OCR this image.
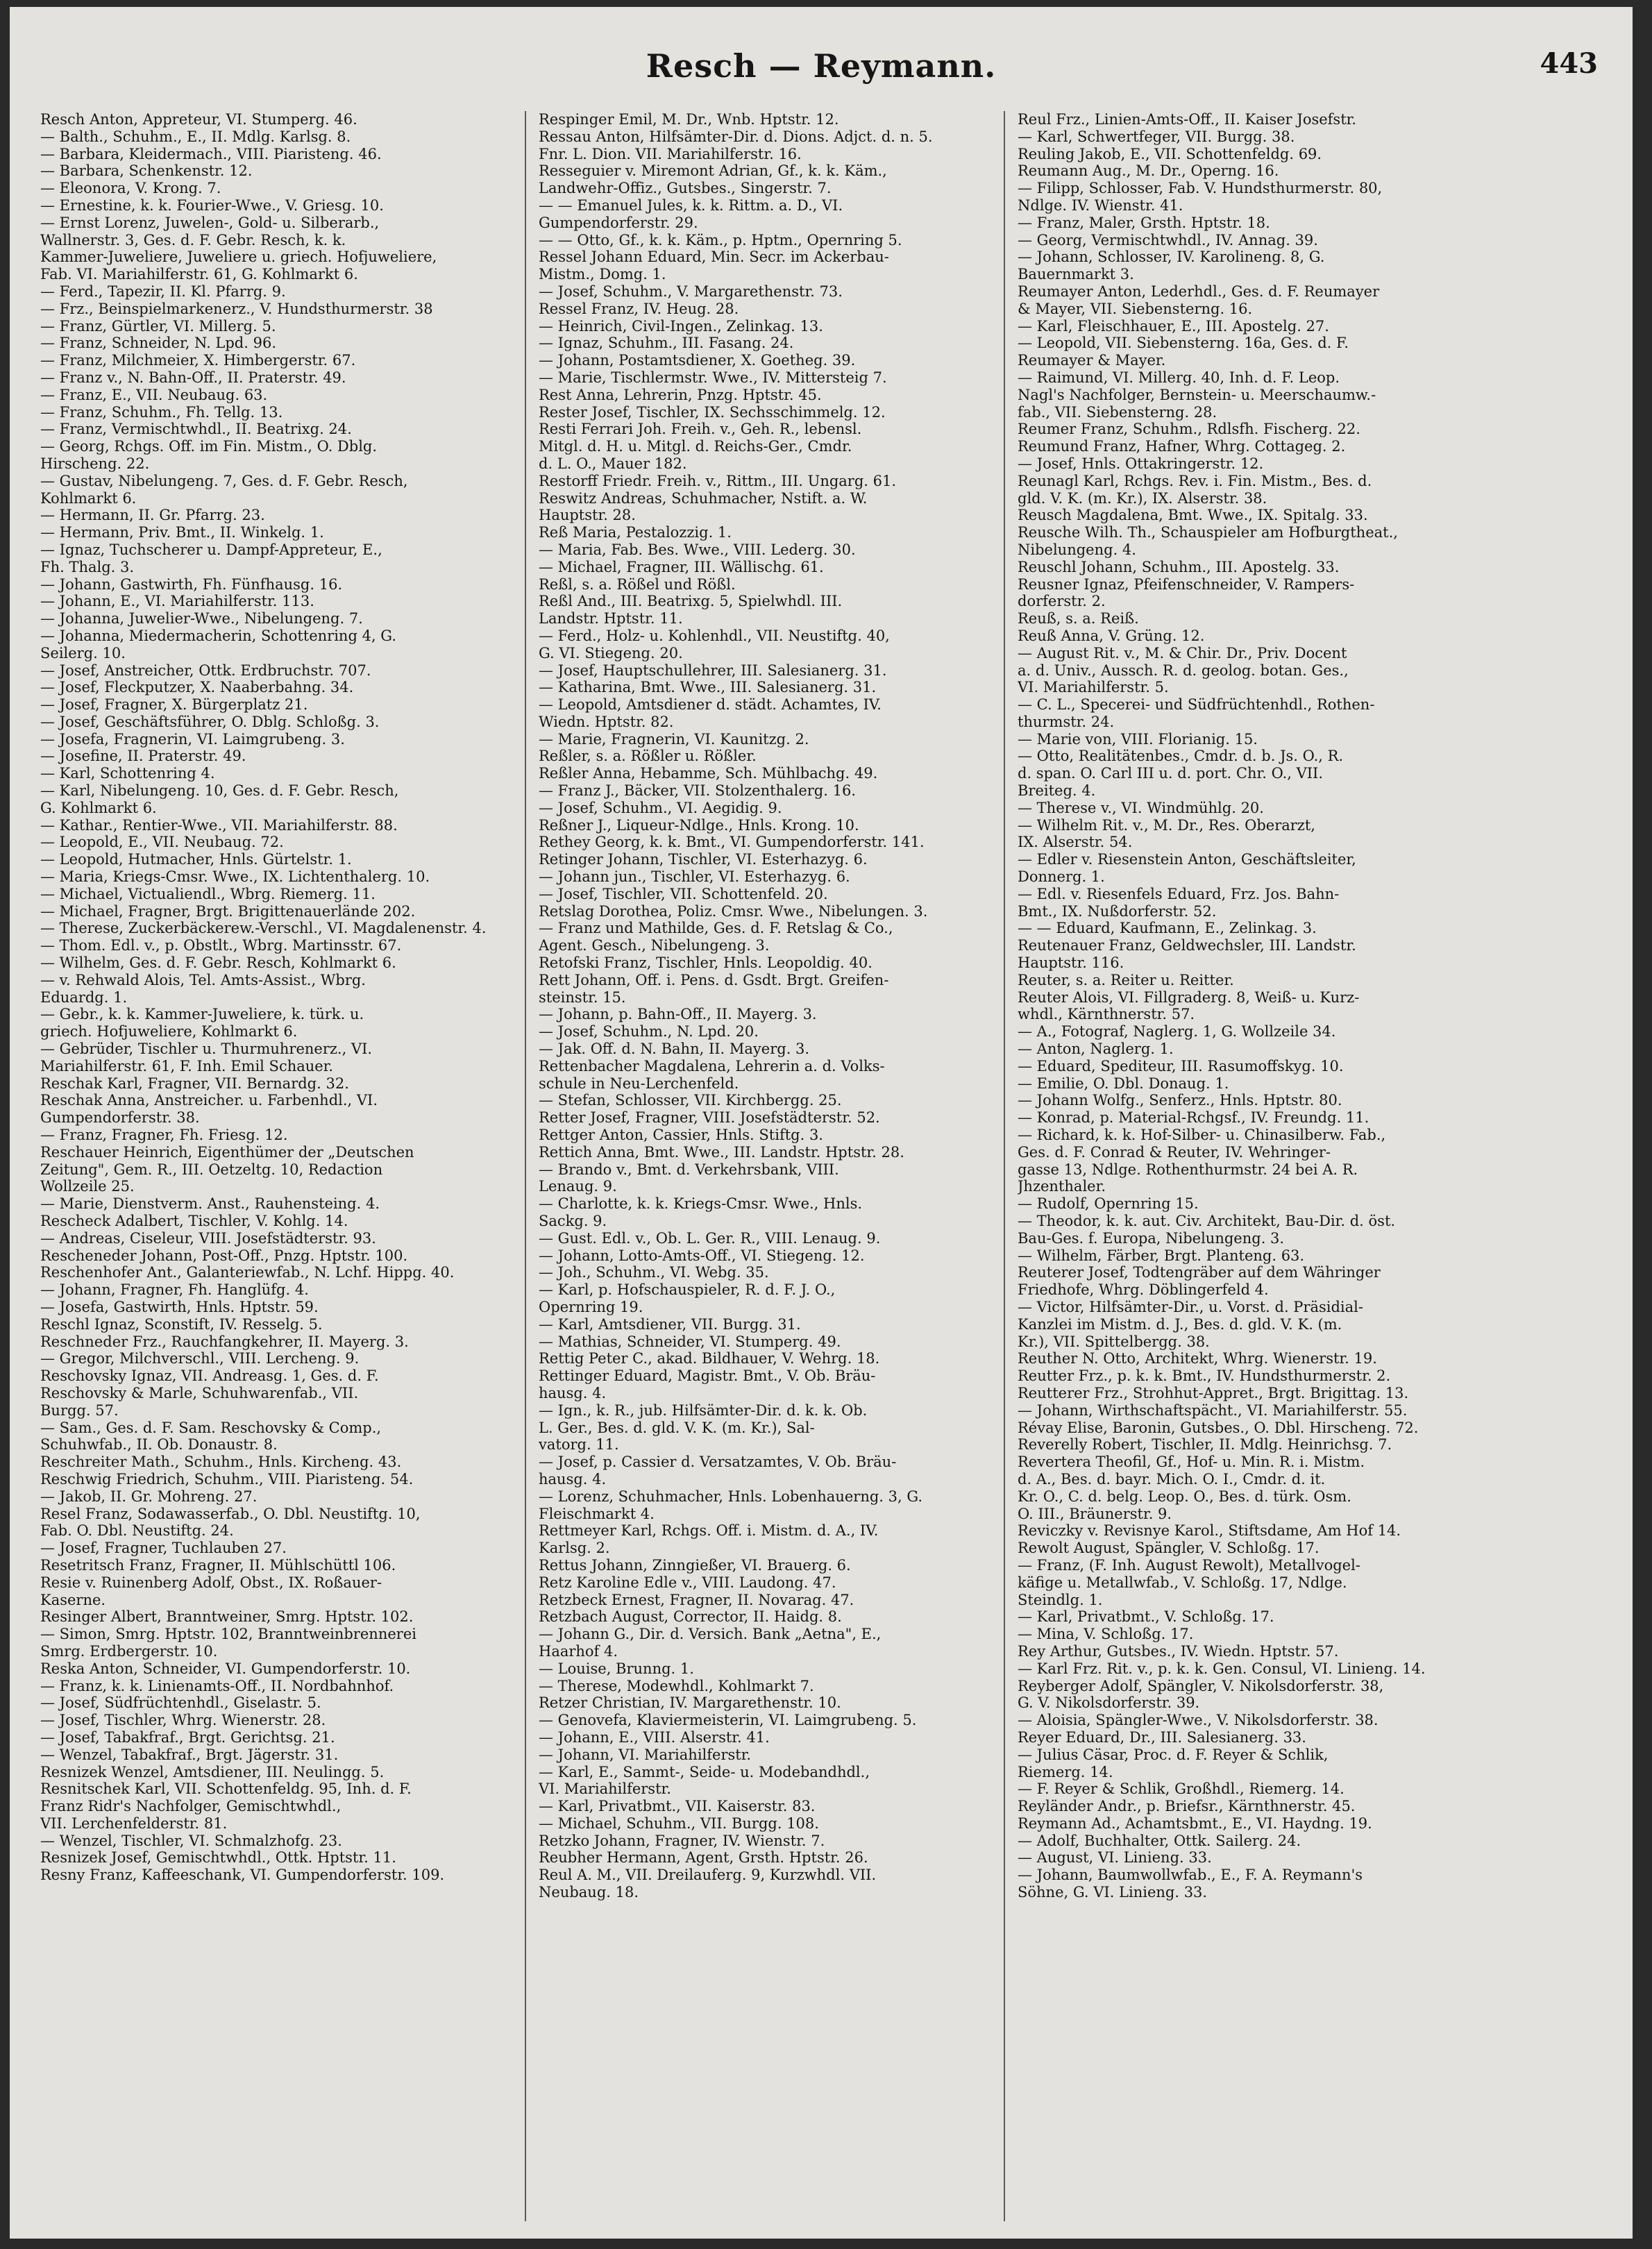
Resch — Reymann.	443
Resch Anton, Appreteur, VI. Stumperg. 46.
— Balth., Schuhm., E., II. Mdlg. Karlsg. 8.
— Barbara, Kleidermach., VIII. Piaristeng. 46.
— Barbara, Schenkenstr. 12.
— Eleonora, V. Krong. 7.
— Ernestine, k. k. Fourier-Wwe., V. Griesg. 10.
— Ernst Lorenz, Juwelen-, Gold- u. Silberarb.,
Wallnerstr. 3, Ges. d. F. Gebr. Resch, k. k.
Kammer-Juweliere, Juweliere u. griech. Hofjuweliere,
Fab. VI. Mariahilferstr. 61, G. Kohlmarkt 6.
— Ferd., Tapezir, II. Kl. Pfarrg. 9.
— Frz., Beinspielmarkenerz., V. Hundsthurmerstr. 38
— Franz, Gürtler, VI. Millerg. 5.
— Franz, Schneider, N. Lpd. 96.
— Franz, Milchmeier, X. Himbergerstr. 67.
— Franz v., N. Bahn-Off., II. Praterstr. 49.
— Franz, E., VII. Neubaug. 63.
— Franz, Schuhm., Fh. Tellg. 13.
— Franz, Vermischtwhdl., II. Beatrixg. 24.
— Georg, Rchgs. Off. im Fin. Mistm., O. Dblg.
Hirscheng. 22.
— Gustav, Nibelungeng. 7, Ges. d. F. Gebr. Resch,
Kohlmarkt 6.
— Hermann, II. Gr. Pfarrg. 23.
— Hermann, Priv. Bmt., II. Winkelg. 1.
— Ignaz, Tuchscherer u. Dampf-Appreteur, E.,
Fh. Thalg. 3.
— Johann, Gastwirth, Fh. Fünfhausg. 16.
— Johann, E., VI. Mariahilferstr. 113.
— Johanna, Juwelier-Wwe., Nibelungeng. 7.
— Johanna, Miedermacherin, Schottenring 4, G.
Seilerg. 10.
— Josef, Anstreicher, Ottk. Erdbruchstr. 707.
— Josef, Fleckputzer, X. Naaberbahng. 34.
— Josef, Fragner, X. Bürgerplatz 21.
— Josef, Geschäftsführer, O. Dblg. Schloßg. 3.
— Josefa, Fragnerin, VI. Laimgrubeng. 3.
— Josefine, II. Praterstr. 49.
— Karl, Schottenring 4.
— Karl, Nibelungeng. 10, Ges. d. F. Gebr. Resch,
G. Kohlmarkt 6.
— Kathar., Rentier-Wwe., VII. Mariahilferstr. 88.
— Leopold, E., VII. Neubaug. 72.
— Leopold, Hutmacher, Hnls. Gürtelstr. 1.
— Maria, Kriegs-Cmsr. Wwe., IX. Lichtenthalerg. 10.
— Michael, Victualiendl., Wbrg. Riemerg. 11.
— Michael, Fragner, Brgt. Brigittenauerlände 202.
— Therese, Zuckerbäckerew.-Verschl., VI. Magdalenenstr. 4.
— Thom. Edl. v., p. Obstlt., Wbrg. Martinsstr. 67.
— Wilhelm, Ges. d. F. Gebr. Resch, Kohlmarkt 6.
— v. Rehwald Alois, Tel. Amts-Assist., Wbrg.
Eduardg. 1.
— Gebr., k. k. Kammer-Juweliere, k. türk. u.
griech. Hofjuweliere, Kohlmarkt 6.
— Gebrüder, Tischler u. Thurmuhrenerz., VI.
Mariahilferstr. 61, F. Inh. Emil Schauer.
Reschak Karl, Fragner, VII. Bernardg. 32.
Reschak Anna, Anstreicher. u. Farbenhdl., VI.
Gumpendorferstr. 38.
— Franz, Fragner, Fh. Friesg. 12.
Reschauer Heinrich, Eigenthümer der „Deutschen
Zeitung", Gem. R., III. Oetzeltg. 10, Redaction
Wollzeile 25.
— Marie, Dienstverm. Anst., Rauhensteing. 4.
Rescheck Adalbert, Tischler, V. Kohlg. 14.
— Andreas, Ciseleur, VIII. Josefstädterstr. 93.
Rescheneder Johann, Post-Off., Pnzg. Hptstr. 100.
Reschenhofer Ant., Galanteriewfab., N. Lchf. Hippg. 40.
— Johann, Fragner, Fh. Hanglüfg. 4.
— Josefa, Gastwirth, Hnls. Hptstr. 59.
Reschl Ignaz, Sconstift, IV. Resselg. 5.
Reschneder Frz., Rauchfangkehrer, II. Mayerg. 3.
— Gregor, Milchverschl., VIII. Lercheng. 9.
Reschovsky Ignaz, VII. Andreasg. 1, Ges. d. F.
Reschovsky & Marle, Schuhwarenfab., VII.
Burgg. 57.
— Sam., Ges. d. F. Sam. Reschovsky & Comp.,
Schuhwfab., II. Ob. Donaustr. 8.
Reschreiter Math., Schuhm., Hnls. Kircheng. 43.
Reschwig Friedrich, Schuhm., VIII. Piaristeng. 54.
— Jakob, II. Gr. Mohreng. 27.
Resel Franz, Sodawasserfab., O. Dbl. Neustiftg. 10,
Fab. O. Dbl. Neustiftg. 24.
— Josef, Fragner, Tuchlauben 27.
Resetritsch Franz, Fragner, II. Mühlschüttl 106.
Resie v. Ruinenberg Adolf, Obst., IX. Roßauer-
Kaserne.
Resinger Albert, Branntweiner, Smrg. Hptstr. 102.
— Simon, Smrg. Hptstr. 102, Branntweinbrennerei
Smrg. Erdbergerstr. 10.
Reska Anton, Schneider, VI. Gumpendorferstr. 10.
— Franz, k. k. Linienamts-Off., II. Nordbahnhof.
— Josef, Südfrüchtenhdl., Giselastr. 5.
— Josef, Tischler, Whrg. Wienerstr. 28.
— Josef, Tabakfraf., Brgt. Gerichtsg. 21.
— Wenzel, Tabakfraf., Brgt. Jägerstr. 31.
Resnizek Wenzel, Amtsdiener, III. Neulingg. 5.
Resnitschek Karl, VII. Schottenfeldg. 95, Inh. d. F.
Franz Ridr's Nachfolger, Gemischtwhdl.,
VII. Lerchenfelderstr. 81.
— Wenzel, Tischler, VI. Schmalzhofg. 23.
Resnizek Josef, Gemischtwhdl., Ottk. Hptstr. 11.
Resny Franz, Kaffeeschank, VI. Gumpendorferstr. 109.
Respinger Emil, M. Dr., Wnb. Hptstr. 12.
Ressau Anton, Hilfsämter-Dir. d. Dions. Adjct. d. n. 5.
Fnr. L. Dion. VII. Mariahilferstr. 16.
Resseguier v. Miremont Adrian, Gf., k. k. Käm.,
Landwehr-Offiz., Gutsbes., Singerstr. 7.
— — Emanuel Jules, k. k. Rittm. a. D., VI.
Gumpendorferstr. 29.
— — Otto, Gf., k. k. Käm., p. Hptm., Opernring 5.
Ressel Johann Eduard, Min. Secr. im Ackerbau-
Mistm., Domg. 1.
— Josef, Schuhm., V. Margarethenstr. 73.
Ressel Franz, IV. Heug. 28.
— Heinrich, Civil-Ingen., Zelinkag. 13.
— Ignaz, Schuhm., III. Fasang. 24.
— Johann, Postamtsdiener, X. Goetheg. 39.
— Marie, Tischlermstr. Wwe., IV. Mittersteig 7.
Rest Anna, Lehrerin, Pnzg. Hptstr. 45.
Rester Josef, Tischler, IX. Sechsschimmelg. 12.
Resti Ferrari Joh. Freih. v., Geh. R., lebensl.
Mitgl. d. H. u. Mitgl. d. Reichs-Ger., Cmdr.
d. L. O., Mauer 182.
Restorff Friedr. Freih. v., Rittm., III. Ungarg. 61.
Reswitz Andreas, Schuhmacher, Nstift. a. W.
Hauptstr. 28.
Reß Maria, Pestalozzig. 1.
— Maria, Fab. Bes. Wwe., VIII. Lederg. 30.
— Michael, Fragner, III. Wällischg. 61.
Reßl, s. a. Rößel und Rößl.
Reßl And., III. Beatrixg. 5, Spielwhdl. III.
Landstr. Hptstr. 11.
— Ferd., Holz- u. Kohlenhdl., VII. Neustiftg. 40,
G. VI. Stiegeng. 20.
— Josef, Hauptschullehrer, III. Salesianerg. 31.
— Katharina, Bmt. Wwe., III. Salesianerg. 31.
— Leopold, Amtsdiener d. städt. Achamtes, IV.
Wiedn. Hptstr. 82.
— Marie, Fragnerin, VI. Kaunitzg. 2.
Reßler, s. a. Rößler u. Rößler.
Reßler Anna, Hebamme, Sch. Mühlbachg. 49.
— Franz J., Bäcker, VII. Stolzenthalerg. 16.
— Josef, Schuhm., VI. Aegidig. 9.
Reßner J., Liqueur-Ndlge., Hnls. Krong. 10.
Rethey Georg, k. k. Bmt., VI. Gumpendorferstr. 141.
Retinger Johann, Tischler, VI. Esterhazyg. 6.
— Johann jun., Tischler, VI. Esterhazyg. 6.
— Josef, Tischler, VII. Schottenfeld. 20.
Retslag Dorothea, Poliz. Cmsr. Wwe., Nibelungen. 3.
— Franz und Mathilde, Ges. d. F. Retslag & Co.,
Agent. Gesch., Nibelungeng. 3.
Retofski Franz, Tischler, Hnls. Leopoldig. 40.
Rett Johann, Off. i. Pens. d. Gsdt. Brgt. Greifen-
steinstr. 15.
— Johann, p. Bahn-Off., II. Mayerg. 3.
— Josef, Schuhm., N. Lpd. 20.
— Jak. Off. d. N. Bahn, II. Mayerg. 3.
Rettenbacher Magdalena, Lehrerin a. d. Volks-
schule in Neu-Lerchenfeld.
— Stefan, Schlosser, VII. Kirchbergg. 25.
Retter Josef, Fragner, VIII. Josefstädterstr. 52.
Rettger Anton, Cassier, Hnls. Stiftg. 3.
Rettich Anna, Bmt. Wwe., III. Landstr. Hptstr. 28.
— Brando v., Bmt. d. Verkehrsbank, VIII.
Lenaug. 9.
— Charlotte, k. k. Kriegs-Cmsr. Wwe., Hnls.
Sackg. 9.
— Gust. Edl. v., Ob. L. Ger. R., VIII. Lenaug. 9.
— Johann, Lotto-Amts-Off., VI. Stiegeng. 12.
— Joh., Schuhm., VI. Webg. 35.
— Karl, p. Hofschauspieler, R. d. F. J. O.,
Opernring 19.
— Karl, Amtsdiener, VII. Burgg. 31.
— Mathias, Schneider, VI. Stumperg. 49.
Rettig Peter C., akad. Bildhauer, V. Wehrg. 18.
Rettinger Eduard, Magistr. Bmt., V. Ob. Bräu-
hausg. 4.
— Ign., k. R., jub. Hilfsämter-Dir. d. k. k. Ob.
L. Ger., Bes. d. gld. V. K. (m. Kr.), Sal-
vatorg. 11.
— Josef, p. Cassier d. Versatzamtes, V. Ob. Bräu-
hausg. 4.
— Lorenz, Schuhmacher, Hnls. Lobenhauerng. 3, G.
Fleischmarkt 4.
Rettmeyer Karl, Rchgs. Off. i. Mistm. d. A., IV.
Karlsg. 2.
Rettus Johann, Zinngießer, VI. Brauerg. 6.
Retz Karoline Edle v., VIII. Laudong. 47.
Retzbeck Ernest, Fragner, II. Novarag. 47.
Retzbach August, Corrector, II. Haidg. 8.
— Johann G., Dir. d. Versich. Bank „Aetna", E.,
Haarhof 4.
— Louise, Brunng. 1.
— Therese, Modewhdl., Kohlmarkt 7.
Retzer Christian, IV. Margarethenstr. 10.
— Genovefa, Klaviermeisterin, VI. Laimgrubeng. 5.
— Johann, E., VIII. Alserstr. 41.
— Johann, VI. Mariahilferstr.
— Karl, E., Sammt-, Seide- u. Modebandhdl.,
VI. Mariahilferstr.
— Karl, Privatbmt., VII. Kaiserstr. 83.
— Michael, Schuhm., VII. Burgg. 108.
Retzko Johann, Fragner, IV. Wienstr. 7.
Reubher Hermann, Agent, Grsth. Hptstr. 26.
Reul A. M., VII. Dreilauferg. 9, Kurzwhdl. VII.
Neubaug. 18.
Reul Frz., Linien-Amts-Off., II. Kaiser Josefstr.
— Karl, Schwertfeger, VII. Burgg. 38.
Reuling Jakob, E., VII. Schottenfeldg. 69.
Reumann Aug., M. Dr., Operng. 16.
— Filipp, Schlosser, Fab. V. Hundsthurmerstr. 80,
Ndlge. IV. Wienstr. 41.
— Franz, Maler, Grsth. Hptstr. 18.
— Georg, Vermischtwhdl., IV. Annag. 39.
— Johann, Schlosser, IV. Karolineng. 8, G.
Bauernmarkt 3.
Reumayer Anton, Lederhdl., Ges. d. F. Reumayer
& Mayer, VII. Siebensterng. 16.
— Karl, Fleischhauer, E., III. Apostelg. 27.
— Leopold, VII. Siebensterng. 16a, Ges. d. F.
Reumayer & Mayer.
— Raimund, VI. Millerg. 40, Inh. d. F. Leop.
Nagl's Nachfolger, Bernstein- u. Meerschaumw.-
fab., VII. Siebensterng. 28.
Reumer Franz, Schuhm., Rdlsfh. Fischerg. 22.
Reumund Franz, Hafner, Whrg. Cottageg. 2.
— Josef, Hnls. Ottakringerstr. 12.
Reunagl Karl, Rchgs. Rev. i. Fin. Mistm., Bes. d.
gld. V. K. (m. Kr.), IX. Alserstr. 38.
Reusch Magdalena, Bmt. Wwe., IX. Spitalg. 33.
Reusche Wilh. Th., Schauspieler am Hofburgtheat.,
Nibelungeng. 4.
Reuschl Johann, Schuhm., III. Apostelg. 33.
Reusner Ignaz, Pfeifenschneider, V. Rampers-
dorferstr. 2.
Reuß, s. a. Reiß.
Reuß Anna, V. Grüng. 12.
— August Rit. v., M. & Chir. Dr., Priv. Docent
a. d. Univ., Aussch. R. d. geolog. botan. Ges.,
VI. Mariahilferstr. 5.
— C. L., Specerei- und Südfrüchtenhdl., Rothen-
thurmstr. 24.
— Marie von, VIII. Florianig. 15.
— Otto, Realitätenbes., Cmdr. d. b. Js. O., R.
d. span. O. Carl III u. d. port. Chr. O., VII.
Breiteg. 4.
— Therese v., VI. Windmühlg. 20.
— Wilhelm Rit. v., M. Dr., Res. Oberarzt,
IX. Alserstr. 54.
— Edler v. Riesenstein Anton, Geschäftsleiter,
Donnerg. 1.
— Edl. v. Riesenfels Eduard, Frz. Jos. Bahn-
Bmt., IX. Nußdorferstr. 52.
— — Eduard, Kaufmann, E., Zelinkag. 3.
Reutenauer Franz, Geldwechsler, III. Landstr.
Hauptstr. 116.
Reuter, s. a. Reiter u. Reitter.
Reuter Alois, VI. Fillgraderg. 8, Weiß- u. Kurz-
whdl., Kärnthnerstr. 57.
— A., Fotograf, Naglerg. 1, G. Wollzeile 34.
— Anton, Naglerg. 1.
— Eduard, Spediteur, III. Rasumoffskyg. 10.
— Emilie, O. Dbl. Donaug. 1.
— Johann Wolfg., Senferz., Hnls. Hptstr. 80.
— Konrad, p. Material-Rchgsf., IV. Freundg. 11.
— Richard, k. k. Hof-Silber- u. Chinasilberw. Fab.,
Ges. d. F. Conrad & Reuter, IV. Wehringer-
gasse 13, Ndlge. Rothenthurmstr. 24 bei A. R.
Jhzenthaler.
— Rudolf, Opernring 15.
— Theodor, k. k. aut. Civ. Architekt, Bau-Dir. d. öst.
Bau-Ges. f. Europa, Nibelungeng. 3.
— Wilhelm, Färber, Brgt. Planteng. 63.
Reuterer Josef, Todtengräber auf dem Währinger
Friedhofe, Whrg. Döblingerfeld 4.
— Victor, Hilfsämter-Dir., u. Vorst. d. Präsidial-
Kanzlei im Mistm. d. J., Bes. d. gld. V. K. (m.
Kr.), VII. Spittelbergg. 38.
Reuther N. Otto, Architekt, Whrg. Wienerstr. 19.
Reutter Frz., p. k. k. Bmt., IV. Hundsthurmerstr. 2.
Reutterer Frz., Strohhut-Appret., Brgt. Brigittag. 13.
— Johann, Wirthschaftspächt., VI. Mariahilferstr. 55.
Révay Elise, Baronin, Gutsbes., O. Dbl. Hirscheng. 72.
Reverelly Robert, Tischler, II. Mdlg. Heinrichsg. 7.
Revertera Theofil, Gf., Hof- u. Min. R. i. Mistm.
d. A., Bes. d. bayr. Mich. O. I., Cmdr. d. it.
Kr. O., C. d. belg. Leop. O., Bes. d. türk. Osm.
O. III., Bräunerstr. 9.
Reviczky v. Revisnye Karol., Stiftsdame, Am Hof 14.
Rewolt August, Spängler, V. Schloßg. 17.
— Franz, (F. Inh. August Rewolt), Metallvogel-
käfige u. Metallwfab., V. Schloßg. 17, Ndlge.
Steindlg. 1.
— Karl, Privatbmt., V. Schloßg. 17.
— Mina, V. Schloßg. 17.
Rey Arthur, Gutsbes., IV. Wiedn. Hptstr. 57.
— Karl Frz. Rit. v., p. k. k. Gen. Consul, VI. Linieng. 14.
Reyberger Adolf, Spängler, V. Nikolsdorferstr. 38,
G. V. Nikolsdorferstr. 39.
— Aloisia, Spängler-Wwe., V. Nikolsdorferstr. 38.
Reyer Eduard, Dr., III. Salesianerg. 33.
— Julius Cäsar, Proc. d. F. Reyer & Schlik,
Riemerg. 14.
— F. Reyer & Schlik, Großhdl., Riemerg. 14.
Reyländer Andr., p. Briefsr., Kärnthnerstr. 45.
Reymann Ad., Achamtsbmt., E., VI. Haydng. 19.
— Adolf, Buchhalter, Ottk. Sailerg. 24.
— August, VI. Linieng. 33.
— Johann, Baumwollwfab., E., F. A. Reymann's
Söhne, G. VI. Linieng. 33.
